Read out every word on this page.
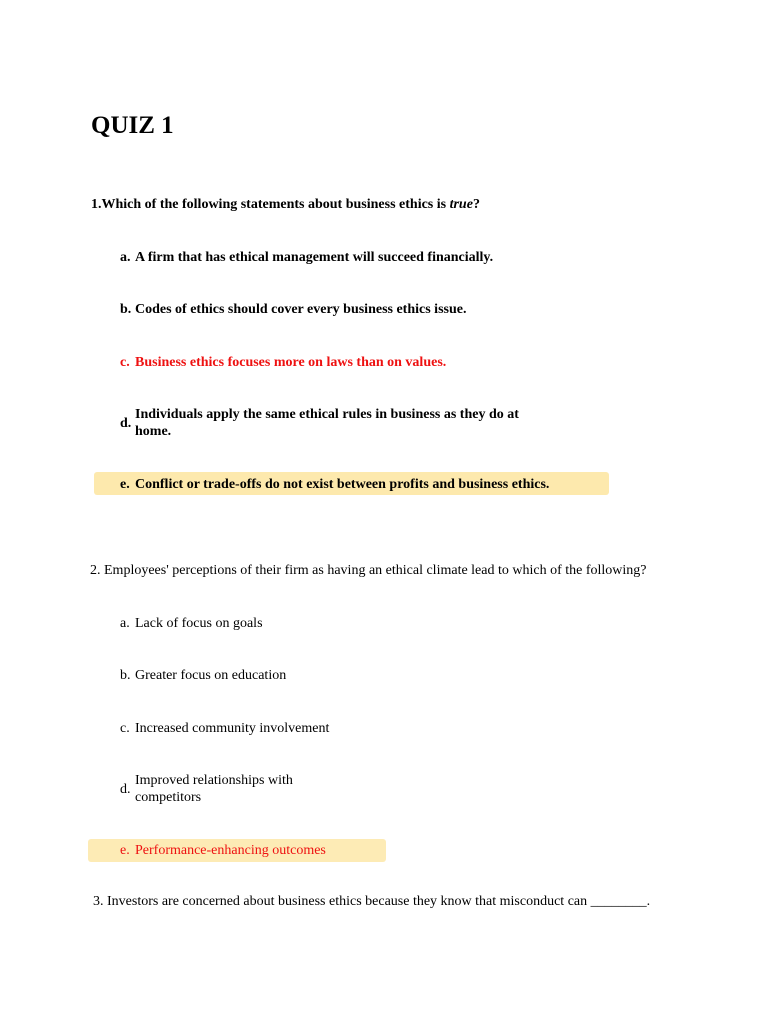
QUIZ 1
1.Which of the following statements about business ethics is true?
a. A firm that has ethical management will succeed financially.
b. Codes of ethics should cover every business ethics issue.
c. Business ethics focuses more on laws than on values.
d.
Individuals apply the same ethical rules in business as they do at home.
e. Conflict or trade-offs do not exist between profits and business ethics.
2. Employees' perceptions of their firm as having an ethical climate lead to which of the following?
a. Lack of focus on goals
b. Greater focus on education
c. Increased community involvement
d.
Improved relationships with competitors
e. Performance-enhancing outcomes
3. Investors are concerned about business ethics because they know that misconduct can ________.
